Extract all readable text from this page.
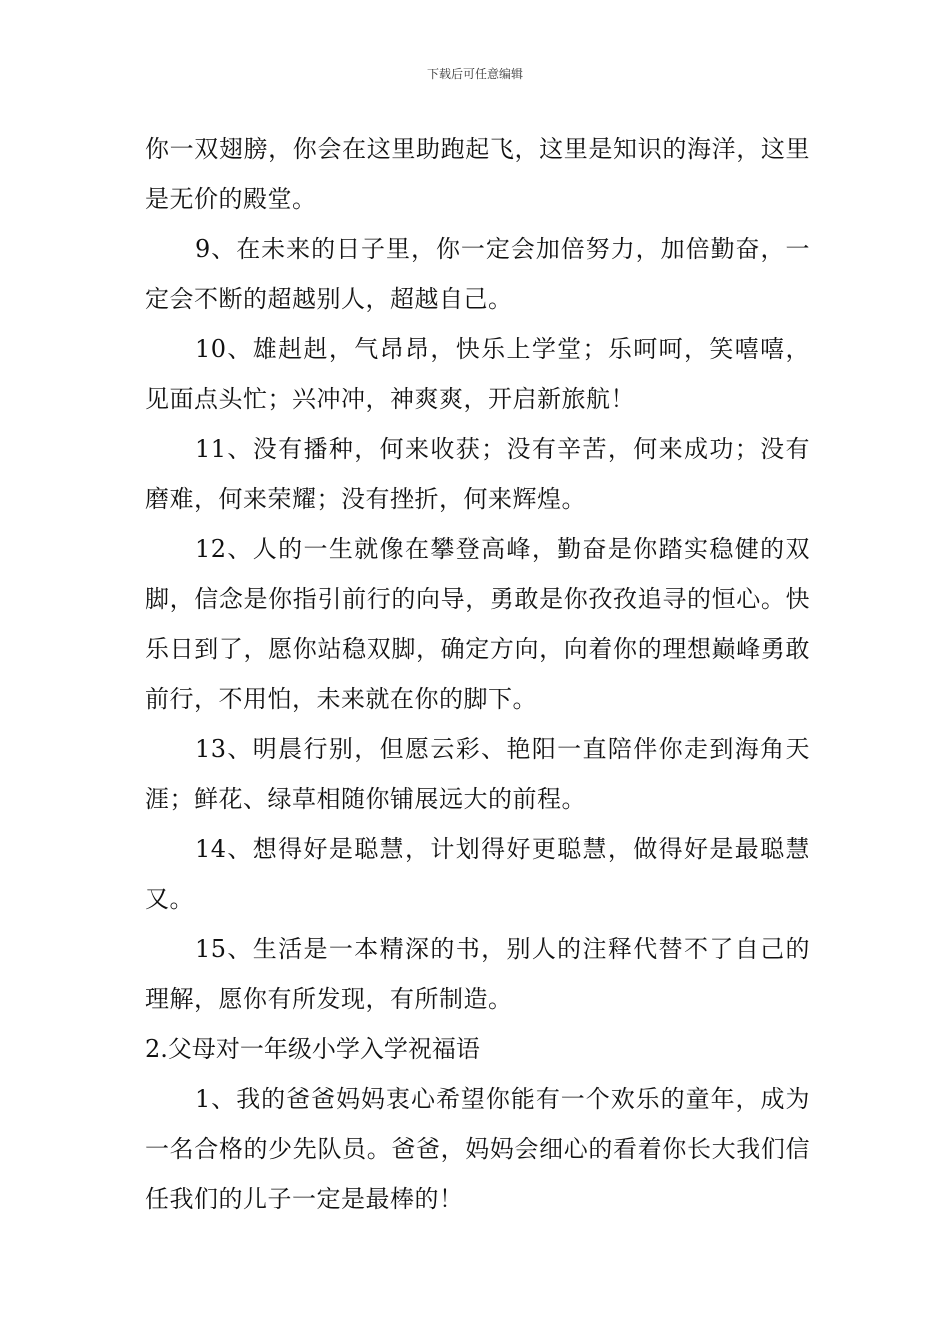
下载后可任意编辑

你一双翅膀，你会在这里助跑起飞，这里是知识的海洋，这里是无价的殿堂。

9、在未来的日子里，你一定会加倍努力，加倍勤奋，一定会不断的超越别人，超越自己。

10、雄赳赳，气昂昂，快乐上学堂；乐呵呵，笑嘻嘻，见面点头忙；兴冲冲，神爽爽，开启新旅航！

11、没有播种，何来收获；没有辛苦，何来成功；没有磨难，何来荣耀；没有挫折，何来辉煌。

12、人的一生就像在攀登高峰，勤奋是你踏实稳健的双脚，信念是你指引前行的向导，勇敢是你孜孜追寻的恒心。快乐日到了，愿你站稳双脚，确定方向，向着你的理想巅峰勇敢前行，不用怕，未来就在你的脚下。

13、明晨行别，但愿云彩、艳阳一直陪伴你走到海角天涯；鲜花、绿草相随你铺展远大的前程。

14、想得好是聪慧，计划得好更聪慧，做得好是最聪慧又。

15、生活是一本精深的书，别人的注释代替不了自己的理解，愿你有所发现，有所制造。

2.父母对一年级小学入学祝福语

1、我的爸爸妈妈衷心希望你能有一个欢乐的童年，成为一名合格的少先队员。爸爸，妈妈会细心的看着你长大我们信任我们的儿子一定是最棒的！
